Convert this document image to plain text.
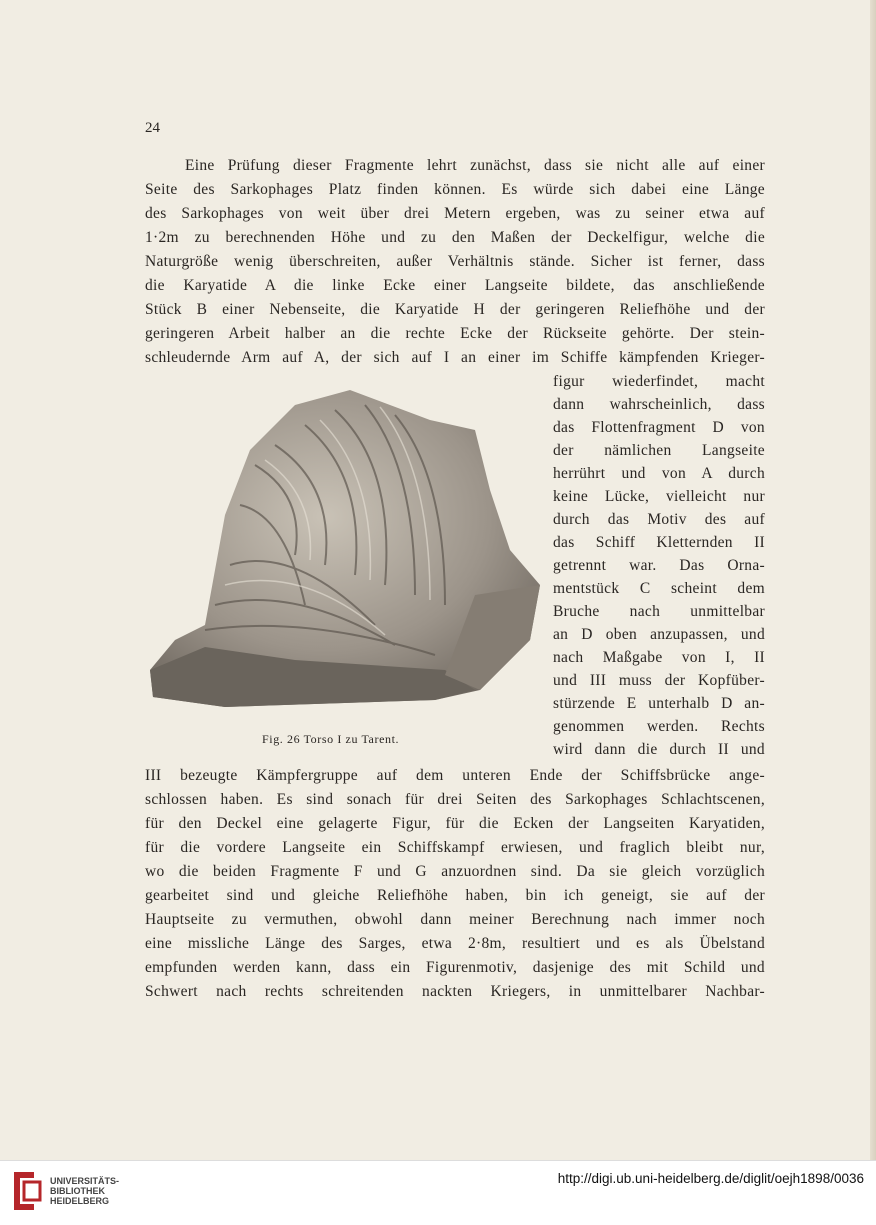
24
Eine Prüfung dieser Fragmente lehrt zunächst, dass sie nicht alle auf einer
Seite des Sarkophages Platz finden können. Es würde sich dabei eine Länge
des Sarkophages von weit über drei Metern ergeben, was zu seiner etwa auf
1·2m zu berechnenden Höhe und zu den Maßen der Deckelfigur, welche die
Naturgröße wenig überschreiten, außer Verhältnis stände. Sicher ist ferner, dass
die Karyatide A die linke Ecke einer Langseite bildete, das anschließende
Stück B einer Nebenseite, die Karyatide H der geringeren Reliefhöhe und der
geringeren Arbeit halber an die rechte Ecke der Rückseite gehörte. Der stein-
schleudernde Arm auf A, der sich auf I an einer im Schiffe kämpfenden Krieger-
figur wiederfindet, macht
dann wahrscheinlich, dass
das Flottenfragment D von
der nämlichen Langseite
herrührt und von A durch
keine Lücke, vielleicht nur
durch das Motiv des auf
das Schiff Kletternden II
getrennt war. Das Orna-
mentstück C scheint dem
Bruche nach unmittelbar
an D oben anzupassen, und
nach Maßgabe von I, II
und III muss der Kopfüber-
stürzende E unterhalb D an-
genommen werden. Rechts
wird dann die durch II und
Fig. 26 Torso I zu Tarent.
III bezeugte Kämpfergruppe auf dem unteren Ende der Schiffsbrücke ange-
schlossen haben. Es sind sonach für drei Seiten des Sarkophages Schlachtscenen,
für den Deckel eine gelagerte Figur, für die Ecken der Langseiten Karyatiden,
für die vordere Langseite ein Schiffskampf erwiesen, und fraglich bleibt nur,
wo die beiden Fragmente F und G anzuordnen sind. Da sie gleich vorzüglich
gearbeitet sind und gleiche Reliefhöhe haben, bin ich geneigt, sie auf der
Hauptseite zu vermuthen, obwohl dann meiner Berechnung nach immer noch
eine missliche Länge des Sarges, etwa 2·8m, resultiert und es als Übelstand
empfunden werden kann, dass ein Figurenmotiv, dasjenige des mit Schild und
Schwert nach rechts schreitenden nackten Kriegers, in unmittelbarer Nachbar-
UNIVERSITÄTS-
BIBLIOTHEK
HEIDELBERG
http://digi.ub.uni-heidelberg.de/diglit/oejh1898/0036
